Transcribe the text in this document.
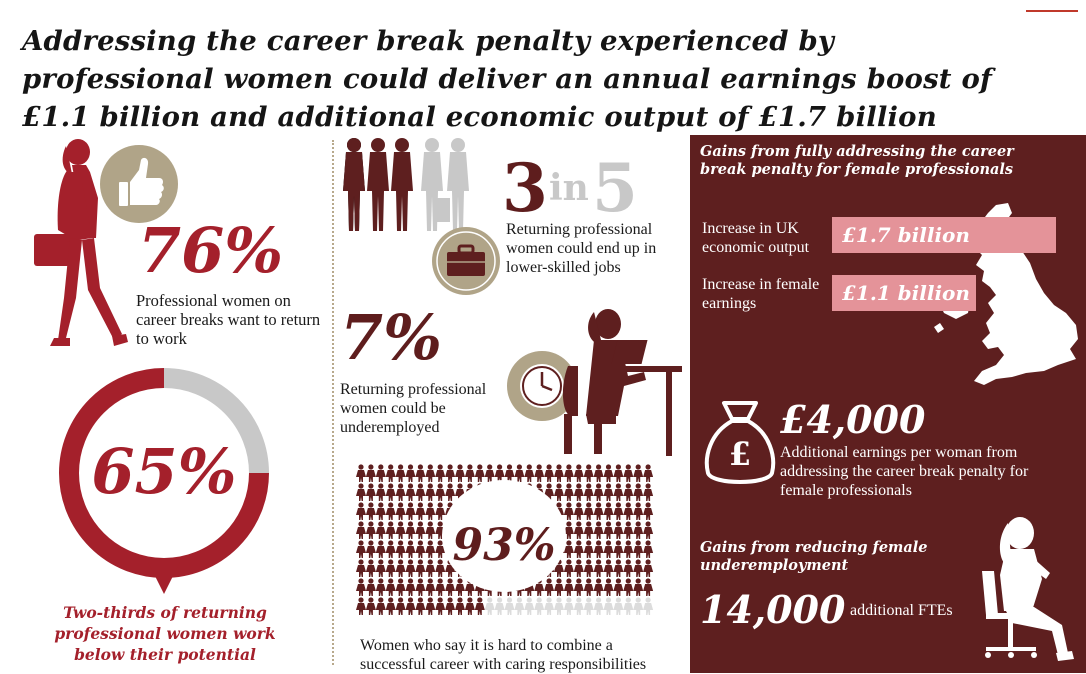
Addressing the career break penalty experienced by professional women could deliver an annual earnings boost of £1.1 billion and additional economic output of £1.7 billion
76%
Professional women on career breaks want to return to work
65%
Two-thirds of returning professional women work below their potential
3 in 5
Returning professional women could end up in lower-skilled jobs
7%
Returning professional women could be underemployed
93%
Women who say it is hard to combine a successful career with caring responsibilities
Gains from fully addressing the career break penalty for female professionals
Increase in UK economic output
£1.7 billion
Increase in female earnings	£1.1 billion
£
£4,000
Additional earnings per woman from addressing the career break penalty for female professionals
Gains from reducing female underemployment
14,000 additional FTEs
